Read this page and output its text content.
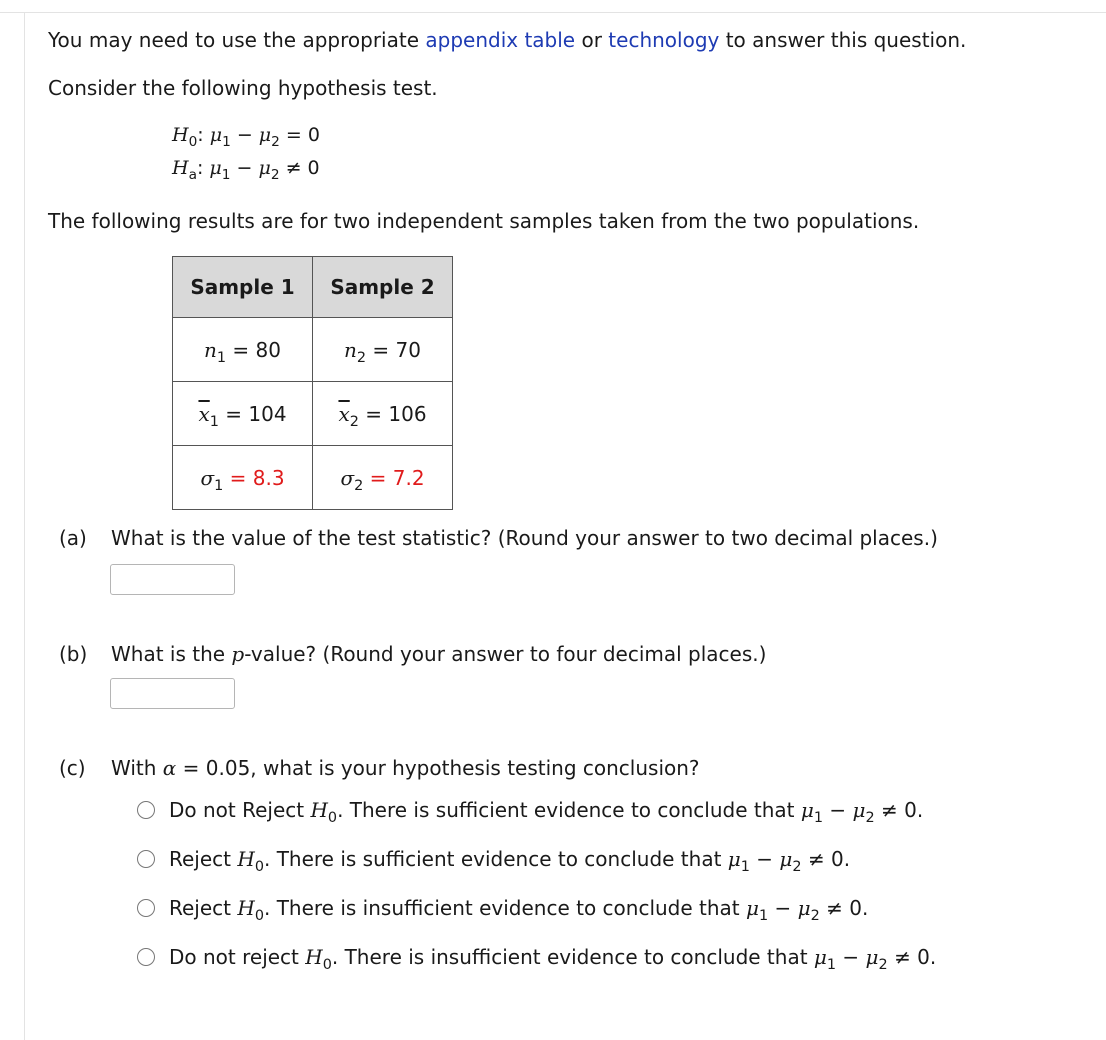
You may need to use the appropriate appendix table or technology to answer this question.
Consider the following hypothesis test.
$H_0$: $\mu_1 - \mu_2 = 0$
$H_a$: $\mu_1 - \mu_2 \ne 0$
The following results are for two independent samples taken from the two populations.
Sample 1	Sample 2
$n_1 = 80$	$n_2 = 70$
$\overline{x}_1 = 104$	$\overline{x}_2 = 106$
$\sigma_1 = 8.3$	$\sigma_2 = 7.2$
(a) What is the value of the test statistic? (Round your answer to two decimal places.)
(b) What is the p-value? (Round your answer to four decimal places.)
(c) With α = 0.05, what is your hypothesis testing conclusion?
Do not Reject $H_0$. There is sufficient evidence to conclude that $\mu_1 - \mu_2 \ne 0$.
Reject $H_0$. There is sufficient evidence to conclude that $\mu_1 - \mu_2 \ne 0$.
Reject $H_0$. There is insufficient evidence to conclude that $\mu_1 - \mu_2 \ne 0$.
Do not reject $H_0$. There is insufficient evidence to conclude that $\mu_1 - \mu_2 \ne 0$.
